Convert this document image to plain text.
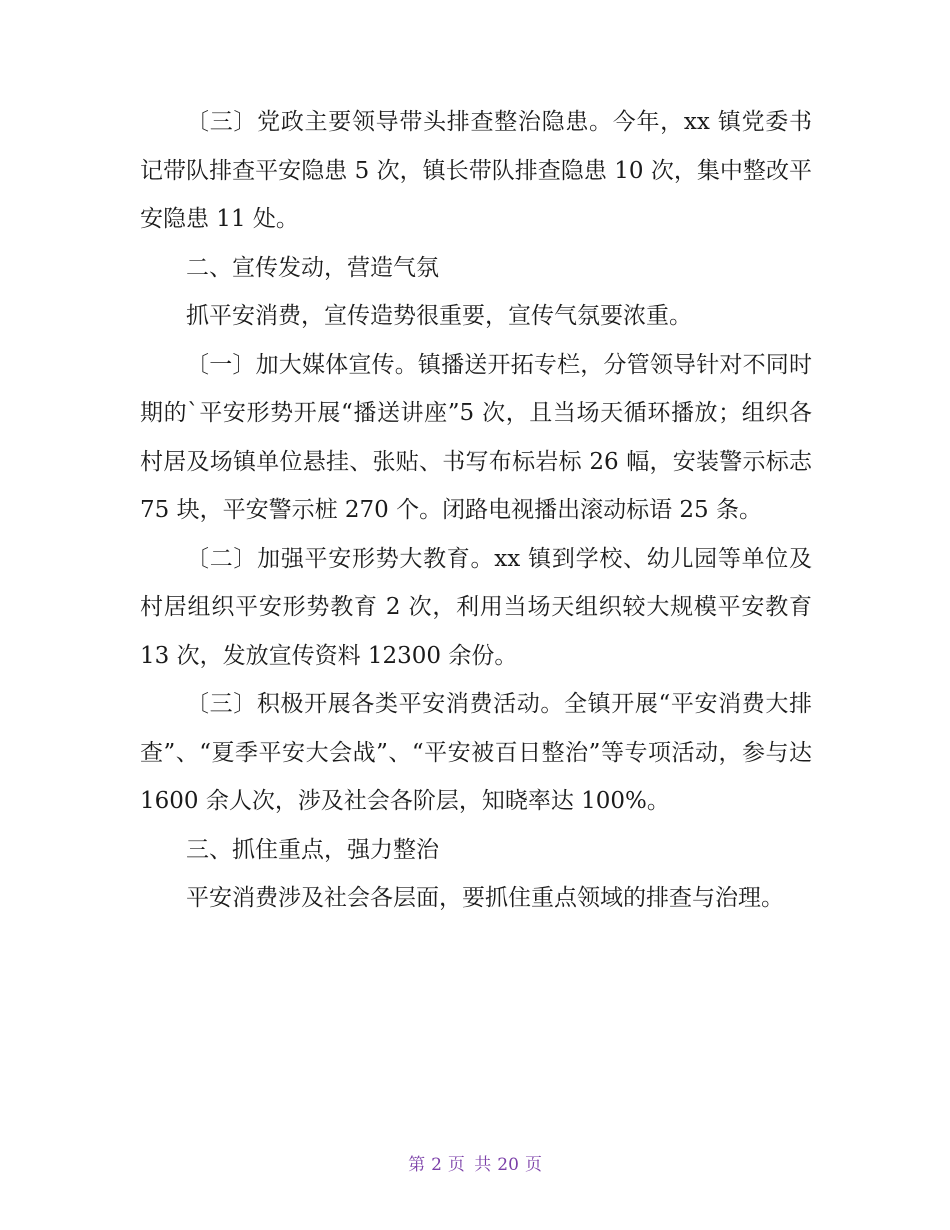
〔三〕党政主要领导带头排查整治隐患。今年，xx 镇党委书记带队排查平安隐患 5 次，镇长带队排查隐患 10 次，集中整改平安隐患 11 处。

二、宣传发动，营造气氛

抓平安消费，宣传造势很重要，宣传气氛要浓重。

〔一〕加大媒体宣传。镇播送开拓专栏，分管领导针对不同时期的`平安形势开展“播送讲座”5 次，且当场天循环播放；组织各村居及场镇单位悬挂、张贴、书写布标岩标 26 幅，安装警示标志 75 块，平安警示桩 270 个。闭路电视播出滚动标语 25 条。

〔二〕加强平安形势大教育。xx 镇到学校、幼儿园等单位及村居组织平安形势教育 2 次，利用当场天组织较大规模平安教育 13 次，发放宣传资料 12300 余份。

〔三〕积极开展各类平安消费活动。全镇开展“平安消费大排查”、“夏季平安大会战”、“平安被百日整治”等专项活动，参与达 1600 余人次，涉及社会各阶层，知晓率达 100%。

三、抓住重点，强力整治

平安消费涉及社会各层面，要抓住重点领域的排查与治理。

第 2 页 共 20 页
